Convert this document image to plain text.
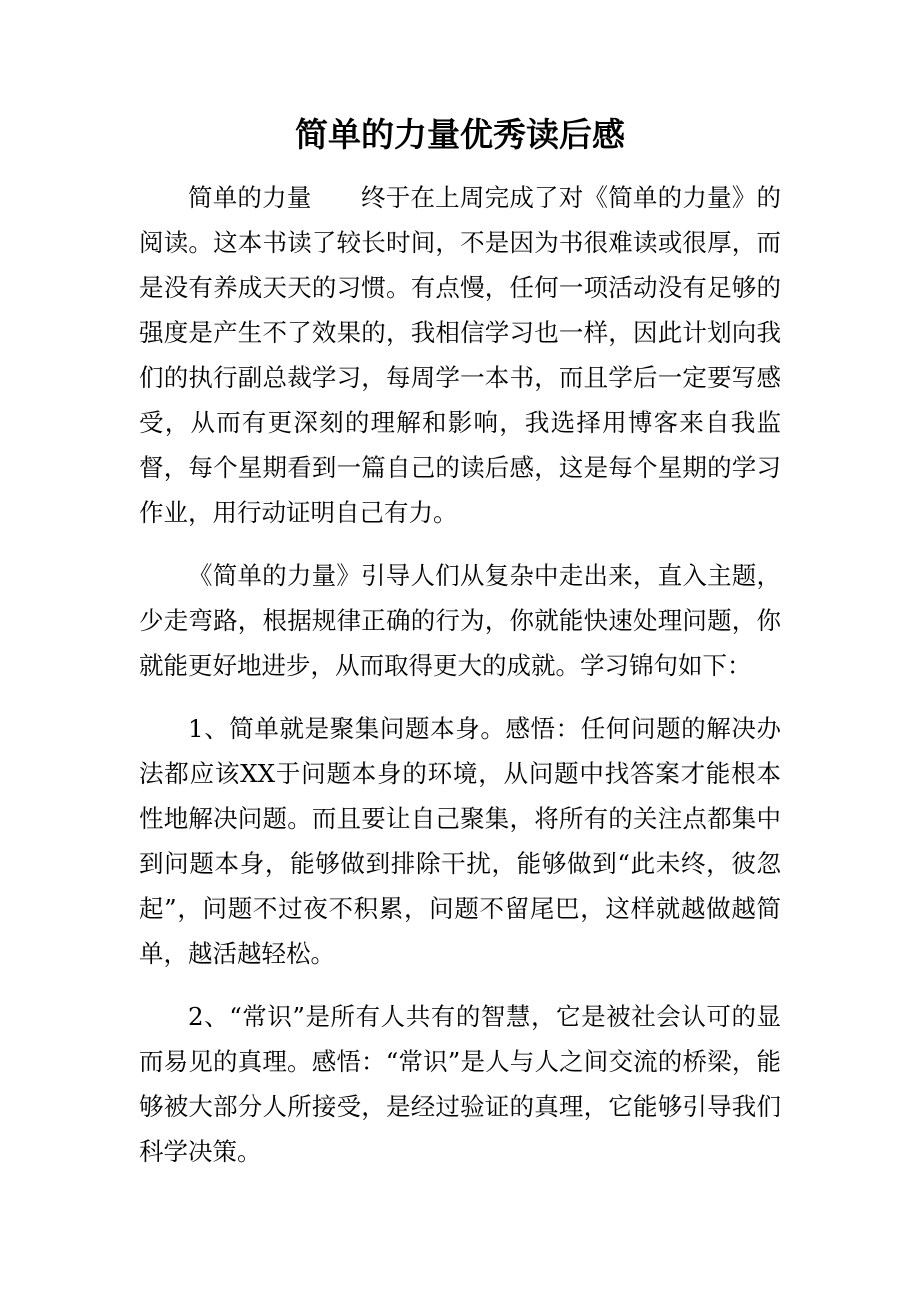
简单的力量优秀读后感

简单的力量　　终于在上周完成了对《简单的力量》的阅读。这本书读了较长时间，不是因为书很难读或很厚，而是没有养成天天的习惯。有点慢，任何一项活动没有足够的强度是产生不了效果的，我相信学习也一样，因此计划向我们的执行副总裁学习，每周学一本书，而且学后一定要写感受，从而有更深刻的理解和影响，我选择用博客来自我监督，每个星期看到一篇自己的读后感，这是每个星期的学习作业，用行动证明自己有力。

《简单的力量》引导人们从复杂中走出来，直入主题，少走弯路，根据规律正确的行为，你就能快速处理问题，你就能更好地进步，从而取得更大的成就。学习锦句如下：

1、简单就是聚集问题本身。感悟：任何问题的解决办法都应该XX于问题本身的环境，从问题中找答案才能根本性地解决问题。而且要让自己聚集，将所有的关注点都集中到问题本身，能够做到排除干扰，能够做到“此未终，彼忽起”，问题不过夜不积累，问题不留尾巴，这样就越做越简单，越活越轻松。

2、“常识”是所有人共有的智慧，它是被社会认可的显而易见的真理。感悟：“常识”是人与人之间交流的桥梁，能够被大部分人所接受，是经过验证的真理，它能够引导我们科学决策。
